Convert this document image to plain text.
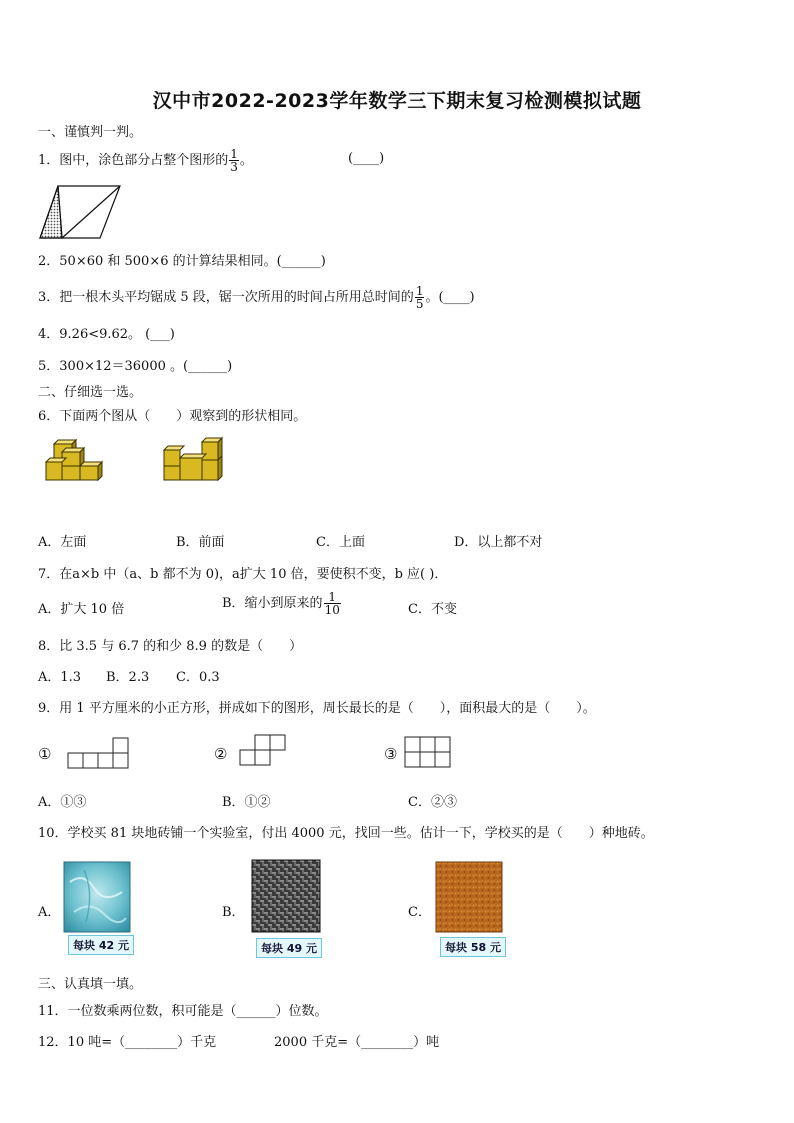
汉中市2022-2023学年数学三下期末复习检测模拟试题
一、谨慎判一判。
1．图中，涂色部分占整个图形的 $\frac{1}{3}$ 。	(____)
2．50×60 和 500×6 的计算结果相同。(______)
3．把一根木头平均锯成 5 段，锯一次所用的时间占所用总时间的 $\frac{1}{5}$ 。(____)
4．9.26<9.62。 (___)
5．300×12＝36000 。(______)
二、仔细选一选。
6．下面两个图从（　　）观察到的形状相同。
A．左面	B．前面	C．上面	D．以上都不对
7．在a×b 中（a、b 都不为 0)，a扩大 10 倍，要使积不变，b 应( )．
A．扩大 10 倍	B．缩小到原来的 $\frac{1}{10}$	C．不变
8．比 3.5 与 6.7 的和少 8.9 的数是（　　）
A．1.3 B．2.3 C．0.3
9．用 1 平方厘米的小正方形，拼成如下的图形，周长最长的是（　　），面积最大的是（　　）。
①	②	③
A．①③	B．①②	C．②③
10．学校买 81 块地砖铺一个实验室，付出 4000 元，找回一些。估计一下，学校买的是（　　）种地砖。
A．
每块 42 元
B．
每块 49 元
C．
每块 58 元
三、认真填一填。
11．一位数乘两位数，积可能是（______）位数。
12．10 吨=（________）千克	2000 千克=（________）吨
